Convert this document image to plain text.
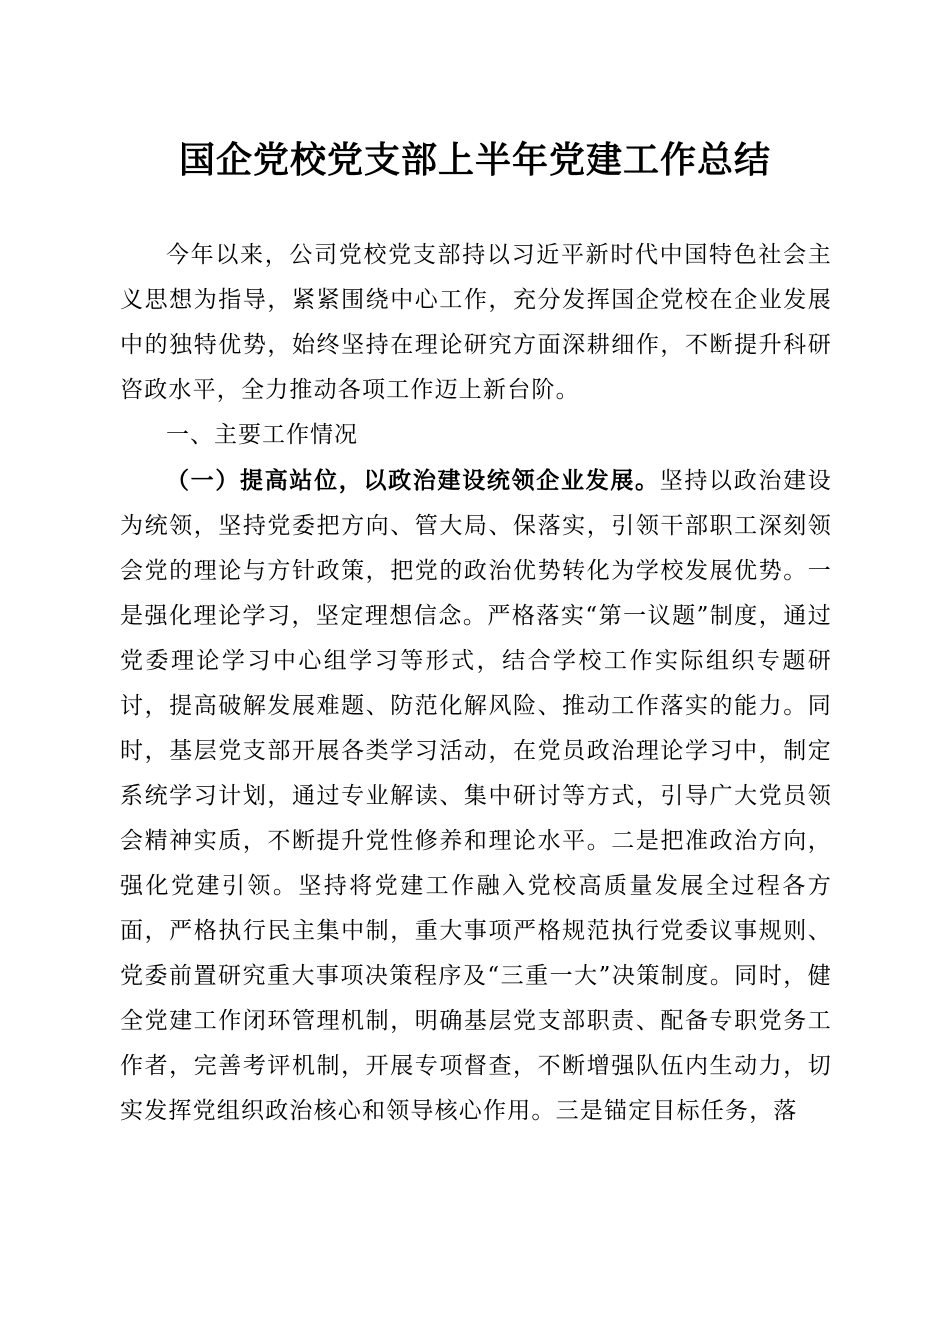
国企党校党支部上半年党建工作总结

今年以来，公司党校党支部持以习近平新时代中国特色社会主义思想为指导，紧紧围绕中心工作，充分发挥国企党校在企业发展中的独特优势，始终坚持在理论研究方面深耕细作，不断提升科研咨政水平，全力推动各项工作迈上新台阶。

一、主要工作情况

（一）提高站位，以政治建设统领企业发展。坚持以政治建设为统领，坚持党委把方向、管大局、保落实，引领干部职工深刻领会党的理论与方针政策，把党的政治优势转化为学校发展优势。一是强化理论学习，坚定理想信念。严格落实“第一议题”制度，通过党委理论学习中心组学习等形式，结合学校工作实际组织专题研讨，提高破解发展难题、防范化解风险、推动工作落实的能力。同时，基层党支部开展各类学习活动，在党员政治理论学习中，制定系统学习计划，通过专业解读、集中研讨等方式，引导广大党员领会精神实质，不断提升党性修养和理论水平。二是把准政治方向，强化党建引领。坚持将党建工作融入党校高质量发展全过程各方面，严格执行民主集中制，重大事项严格规范执行党委议事规则、党委前置研究重大事项决策程序及“三重一大”决策制度。同时，健全党建工作闭环管理机制，明确基层党支部职责、配备专职党务工作者，完善考评机制，开展专项督查，不断增强队伍内生动力，切实发挥党组织政治核心和领导核心作用。三是锚定目标任务，落
